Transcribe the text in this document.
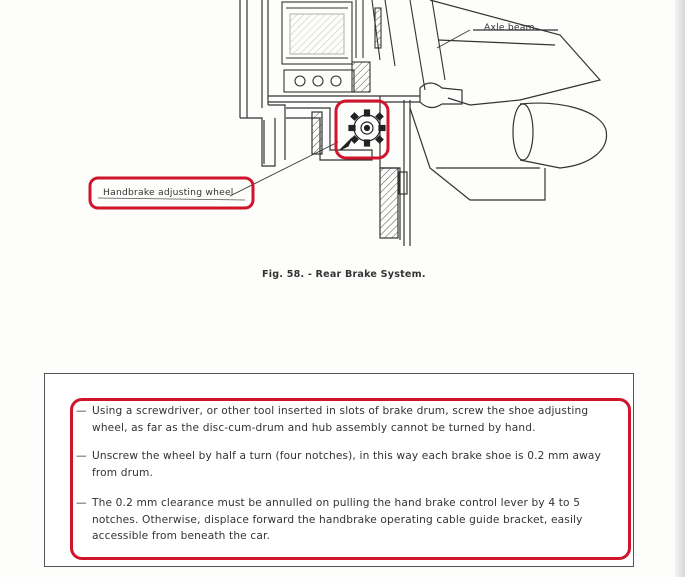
Axle beam
Handbrake adjusting wheel
Fig. 58. - Rear Brake System.
— Using a screwdriver, or other tool inserted in slots of brake drum, screw the shoe adjusting wheel, as far as the disc-cum-drum and hub assembly cannot be turned by hand.
— Unscrew the wheel by half a turn (four notches), in this way each brake shoe is 0.2 mm away from drum.
— The 0.2 mm clearance must be annulled on pulling the hand brake control lever by 4 to 5 notches. Otherwise, displace forward the handbrake operating cable guide bracket, easily accessible from beneath the car.
